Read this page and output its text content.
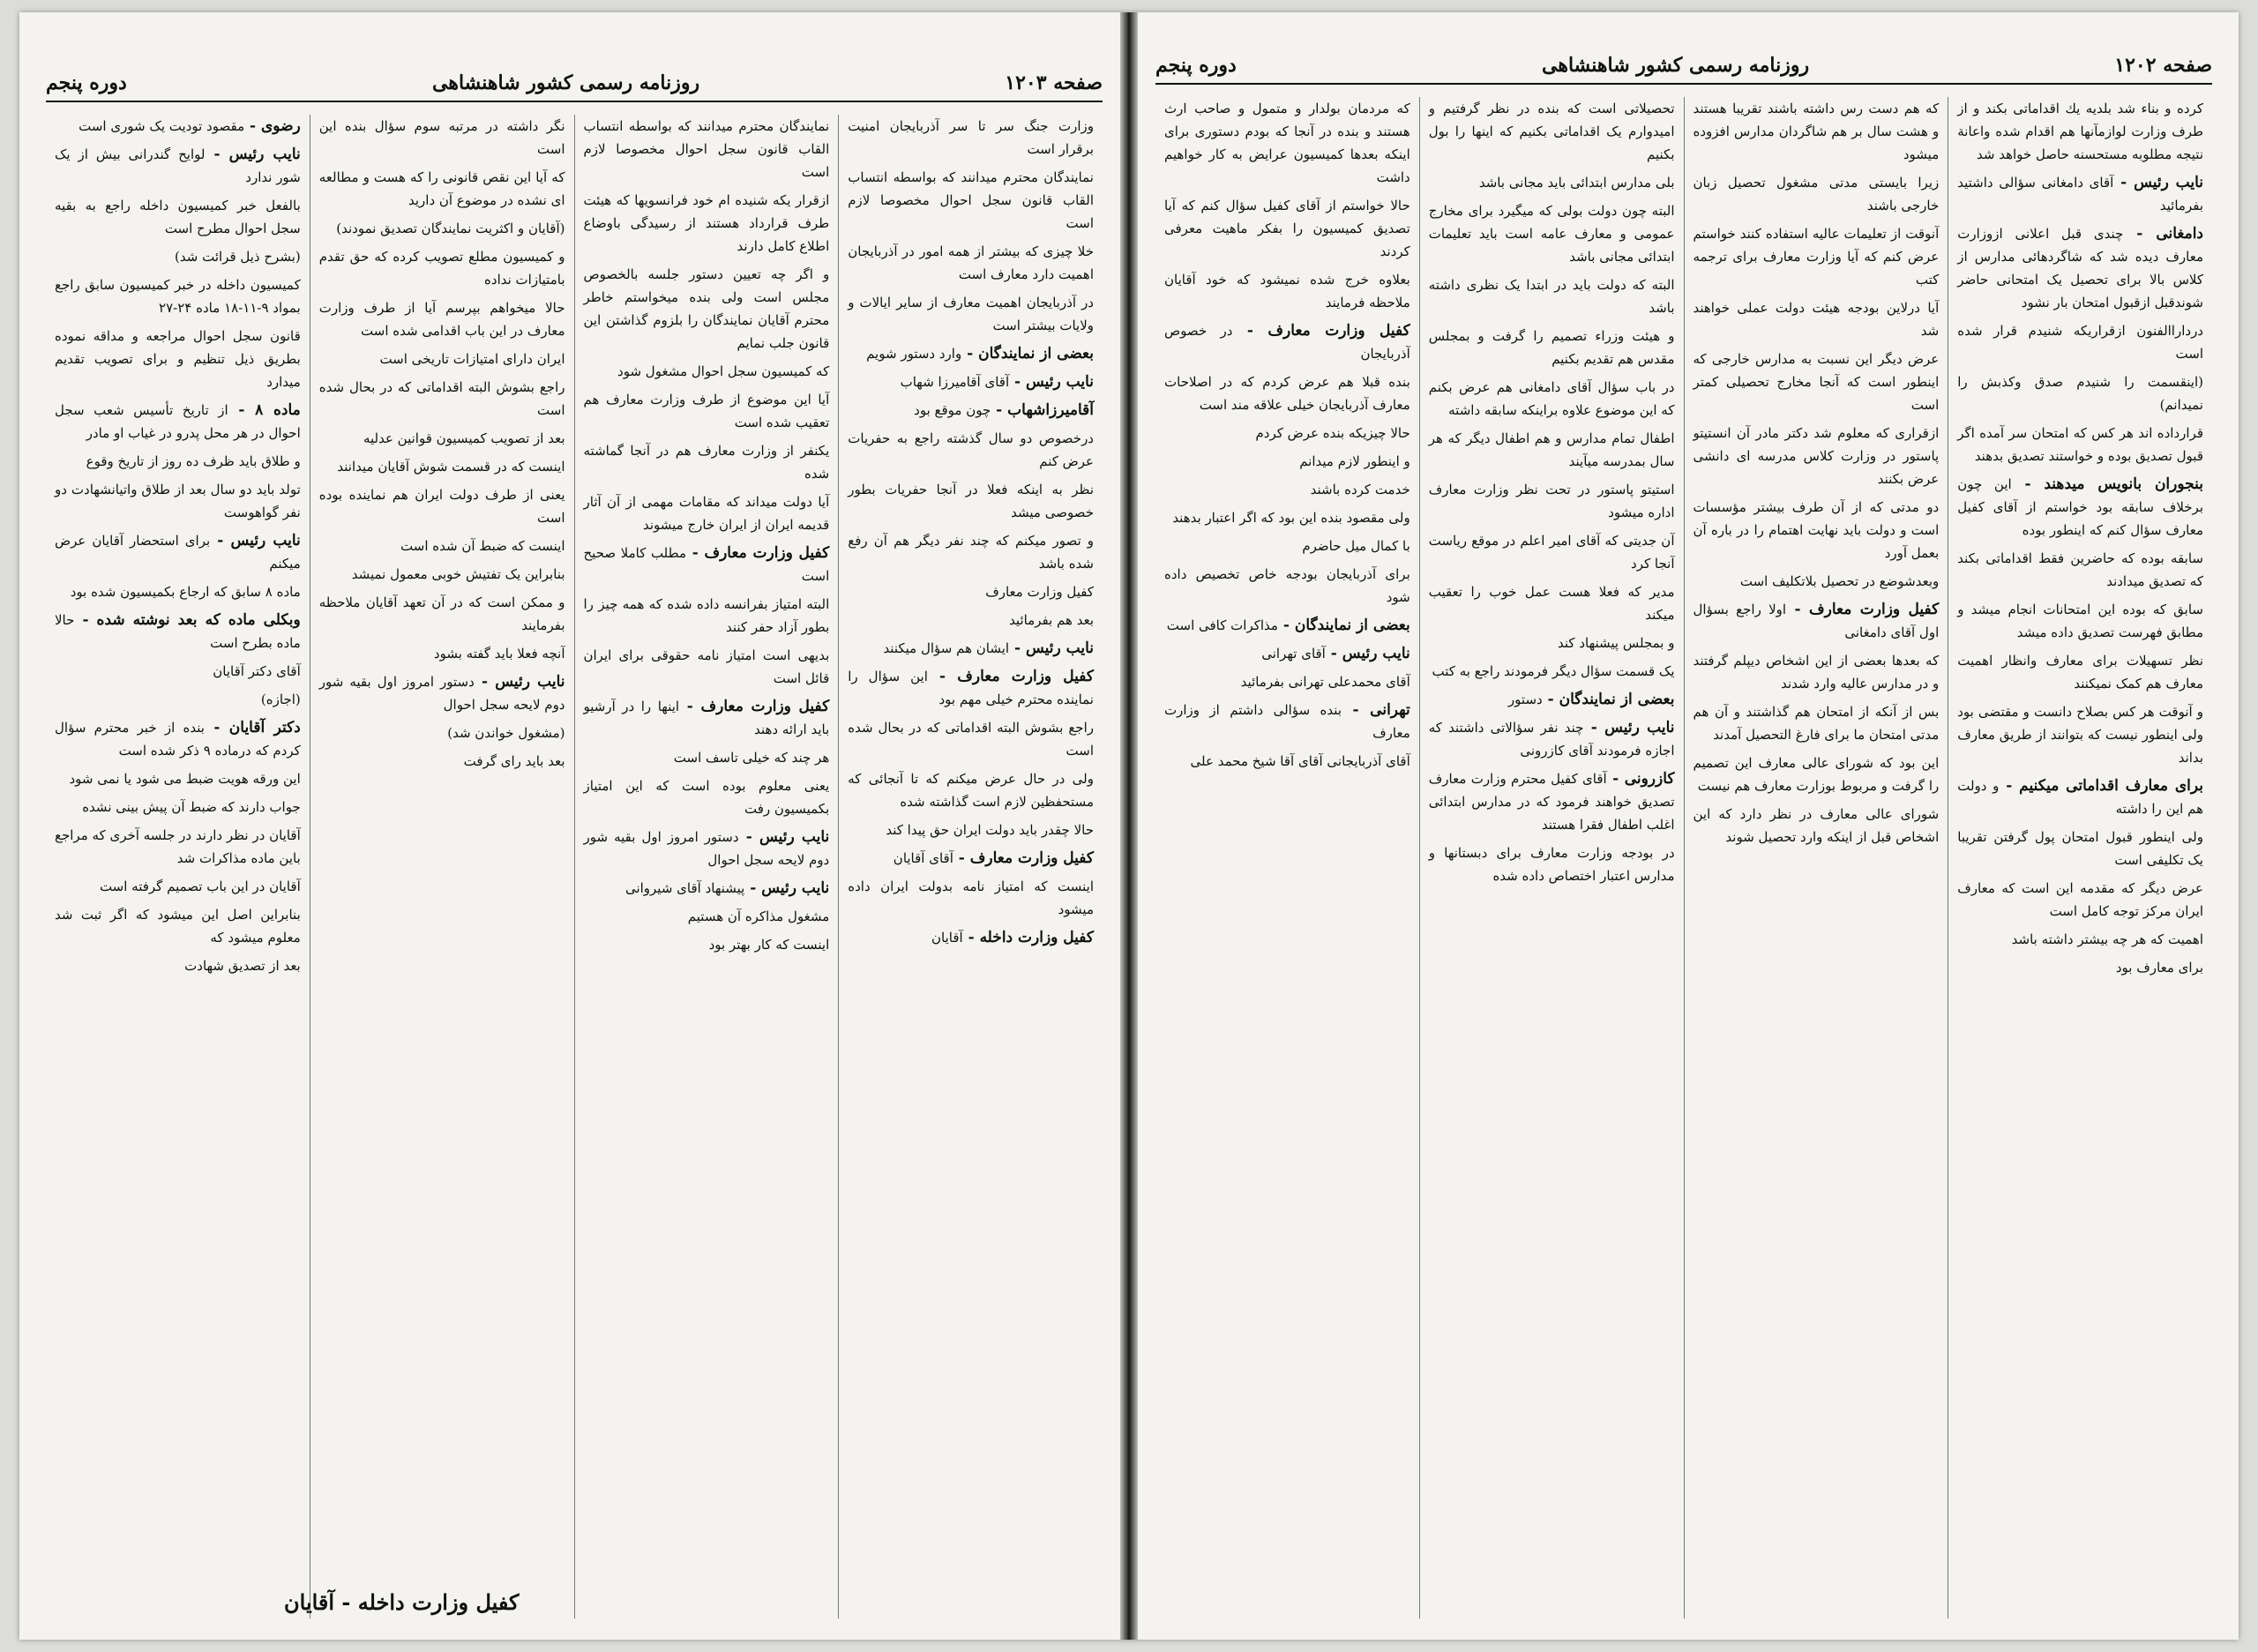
صفحه ۱۲۰۳
روزنامه رسمی کشور شاهنشاهی
دوره پنجم

وزارت جنگ سر تا سر آذربایجان امنیت برقرار است

نمایندگان محترم میدانند که بواسطه انتساب القاب قانون سجل احوال مخصوصا لازم است

خلا چیزی که بیشتر از همه امور در آذربایجان اهمیت دارد معارف است

در آذربایجان اهمیت معارف از سایر ایالات و ولایات بیشتر است

بعضی از نمایندگان - وارد دستور شویم

نایب رئیس - آقای آقامیرزا شهاب

آقامیرزاشهاب - چون موقع بود

درخصوص دو سال گذشته راجع به حفریات عرض کنم

نظر به اینکه فعلا در آنجا حفریات بطور خصوصی میشد

و تصور میکنم که چند نفر دیگر هم آن رفع شده باشد

کفیل وزارت معارف

بعد هم بفرمائید

نایب رئیس - ایشان هم سؤال میکنند

کفیل وزارت معارف - این سؤال را نماینده محترم خیلی مهم بود

راجع بشوش البته اقداماتی که در بحال شده است

ولی در حال عرض میکنم که تا آنجائی که مستحفظین لازم است گذاشته شده

حالا چقدر باید دولت ایران حق پیدا کند

کفیل وزارت معارف - آقای آقایان

اینست که امتیاز نامه بدولت ایران داده میشود

کفیل وزارت داخله - آقایان

نمایندگان محترم میدانند که بواسطه انتساب القاب قانون سجل احوال مخصوصا لازم است

ازقرار یکه شنیده ام خود فرانسویها که هیئت طرف قرارداد هستند از رسیدگی باوضاع اطلاع کامل دارند

و اگر چه تعیین دستور جلسه بالخصوص مجلس است ولی بنده میخواستم خاطر محترم آقایان نمایندگان را بلزوم گذاشتن این قانون جلب نمایم

که کمیسیون سجل احوال مشغول شود

آیا این موضوع از طرف وزارت معارف هم تعقیب شده است

یکنفر از وزارت معارف هم در آنجا گماشته شده

آیا دولت میداند که مقامات مهمی از آن آثار قدیمه ایران از ایران خارج میشوند

کفیل وزارت معارف - مطلب کاملا صحیح است

البته امتیاز بفرانسه داده شده که همه چیز را بطور آزاد حفر کنند

بدیهی است امتیاز نامه حقوقی برای ایران قائل است

کفیل وزارت معارف - اینها را در آرشیو باید ارائه دهند

هر چند که خیلی تاسف است

یعنی معلوم بوده است که این امتیاز بکمیسیون رفت

نایب رئیس - دستور امروز اول بقیه شور دوم لایحه سجل احوال

نایب رئیس - پیشنهاد آقای شیروانی

مشغول مذاکره آن هستیم

اینست که کار بهتر بود

نگر داشته در مرتبه سوم سؤال بنده این است

که آیا این نقص قانونی را که هست و مطالعه ای نشده در موضوع آن دارید

(آقایان و اکثریت نمایندگان تصدیق نمودند)

و کمیسیون مطلع تصویب کرده که حق تقدم بامتیازات نداده

حالا میخواهم بپرسم آیا از طرف وزارت معارف در این باب اقدامی شده است

ایران دارای امتیازات تاریخی است

راجع بشوش البته اقداماتی که در بحال شده است

بعد از تصویب کمیسیون قوانین عدلیه

اینست که در قسمت شوش آقایان میدانند

یعنی از طرف دولت ایران هم نماینده بوده است

اینست که ضبط آن شده است

بنابراین یک تفتیش خوبی معمول نمیشد

و ممکن است که در آن تعهد آقایان ملاحظه بفرمایند

آنچه فعلا باید گفته بشود

نایب رئیس - دستور امروز اول بقیه شور دوم لایحه سجل احوال

(مشغول خواندن شد)

بعد باید رای گرفت

رضوی - مقصود تودیت یک شوری است

نایب رئیس - لوایح گندرانی بیش از یک شور ندارد

بالفعل خبر کمیسیون داخله راجع به بقیه سجل احوال مطرح است

(بشرح ذیل قرائت شد)

کمیسیون داخله در خبر کمیسیون سابق راجع بمواد ۹-۱۱-۱۸ ماده ۲۴-۲۷

قانون سجل احوال مراجعه و مداقه نموده بطریق ذیل تنظیم و برای تصویب تقدیم میدارد

ماده ۸ - از تاریخ تأسیس شعب سجل احوال در هر محل پدرو در غیاب او مادر

و طلاق باید ظرف ده روز از تاریخ وقوع

تولد باید دو سال بعد از طلاق واتیانشهادت دو نفر گواهوست

نایب رئیس - برای استحضار آقایان عرض میکنم

ماده ۸ سابق که ارجاع بکمیسیون شده بود

وبکلی ماده که بعد نوشته شده - حالا ماده بطرح است

آقای دکتر آقایان

(اجازه)

دکتر آقایان - بنده از خبر محترم سؤال کردم که درماده ۹ ذکر شده است

این ورقه هویت ضبط می شود یا نمی شود

جواب دارند که ضبط آن پیش بینی نشده

آقایان در نظر دارند در جلسه آخری که مراجع باین ماده مذاکرات شد

آقایان در این باب تصمیم گرفته است

بنابراین اصل این میشود که اگر ثبت شد معلوم میشود که

بعد از تصدیق شهادت

کفیل وزارت داخله - آقایان
صفحه ۱۲۰۲
روزنامه رسمی کشور شاهنشاهی
دوره پنجم

کرده و بناء شد بلدیه یك اقداماتی بکند و از طرف وزارت لوازمآنها هم اقدام شده واعانة نتیجه مطلوبه مستحسنه حاصل خواهد شد

نایب رئیس - آقای دامغانی سؤالی داشتید بفرمائید

دامغانی - چندی قبل اعلانی ازوزارت معارف دیده شد که شاگردهائی مدارس از کلاس بالا برای تحصیل یک امتحانی حاضر شوندقبل ازقبول امتحان بار نشود

درداراالفنون ازقراریکه شنیدم قرار شده است

(اینقسمت را شنیدم صدق وکذبش را نمیدانم)

قرارداده اند هر کس که امتحان سر آمده اگر قبول تصدیق بوده و خواستند تصدیق بدهند

بنجوران بانویس میدهند - این چون برخلاف سابقه بود خواستم از آقای کفیل معارف سؤال کنم که اینطور بوده

سابقه بوده که حاضرین فقط اقداماتی بکند که تصدیق میدادند

سابق که بوده این امتحانات انجام میشد و مطابق فهرست تصدیق داده میشد

نظر تسهیلات برای معارف وانظار اهمیت معارف هم کمک نمیکنند

و آنوقت هر کس بصلاح دانست و مقتضی بود ولی اینطور نیست که بتوانند از طریق معارف بداند

برای معارف اقداماتی میکنیم - و دولت هم این را داشته

ولی اینطور قبول امتحان پول گرفتن تقریبا یک تکلیفی است

عرض دیگر که مقدمه این است که معارف ایران مرکز توجه کامل است

اهمیت که هر چه بیشتر داشته باشد

برای معارف بود

که هم دست رس داشته باشند تقریبا هستند و هشت سال بر هم شاگردان مدارس افزوده میشود

زیرا بایستی مدتی مشغول تحصیل زبان خارجی باشند

آنوقت از تعلیمات عالیه استفاده کنند خواستم عرض کنم که آیا وزارت معارف برای ترجمه کتب

آیا درلاین بودجه هیئت دولت عملی خواهند شد

عرض دیگر این نسبت به مدارس خارجی که اینطور است که آنجا مخارج تحصیلی کمتر است

ازقراری که معلوم شد دکتر مادر آن انستیتو پاستور در وزارت کلاس مدرسه ای دانشی عرض بکنند

دو مدتی که از آن طرف بیشتر مؤسسات است و دولت باید نهایت اهتمام را در باره آن بعمل آورد

وبعدشوضع در تحصیل بلاتکلیف است

کفیل وزارت معارف - اولا راجع بسؤال اول آقای دامغانی

که بعدها بعضی از این اشخاص دیپلم گرفتند و در مدارس عالیه وارد شدند

بس از آنکه از امتحان هم گذاشتند و آن هم مدتی امتحان ما برای فارغ التحصیل آمدند

این بود که شورای عالی معارف این تصمیم را گرفت و مربوط بوزارت معارف هم نیست

شورای عالی معارف در نظر دارد که این اشخاص قبل از اینکه وارد تحصیل شوند

تحصیلاتی است که بنده در نظر گرفتیم و امیدوارم یک اقداماتی بکنیم که اینها را بول بکنیم

بلی مدارس ابتدائی باید مجانی باشد

البته چون دولت بولی که میگیرد برای مخارج عمومی و معارف عامه است باید تعلیمات ابتدائی مجانی باشد

البته که دولت باید در ابتدا یک نظری داشته باشد

و هیئت وزراء تصمیم را گرفت و بمجلس مقدس هم تقدیم بکنیم

در باب سؤال آقای دامغانی هم عرض بکنم که این موضوع علاوه براینکه سابقه داشته

اطفال تمام مدارس و هم اطفال دیگر که هر سال بمدرسه میآیند

استیتو پاستور در تحت نظر وزارت معارف اداره میشود

آن جدیتی که آقای امیر اعلم در موقع ریاست آنجا کرد

مدیر که فعلا هست عمل خوب را تعقیب میکند

و بمجلس پیشنهاد کند

یک قسمت سؤال دیگر فرمودند راجع به کتب

بعضی از نمایندگان - دستور

نایب رئیس - چند نفر سؤالاتی داشتند که اجازه فرمودند آقای کازرونی

کازرونی - آقای کفیل محترم وزارت معارف تصدیق خواهند فرمود که در مدارس ابتدائی اغلب اطفال فقرا هستند

در بودجه وزارت معارف برای دبستانها و مدارس اعتبار اختصاص داده شده

که مردمان بولدار و متمول و صاحب ارث هستند و بنده در آنجا که بودم دستوری برای اینکه بعدها کمیسیون عرایض به کار خواهیم داشت

حالا خواستم از آقای کفیل سؤال کنم که آیا تصدیق کمیسیون را بفکر ماهیت معرفی کردند

بعلاوه خرج شده نمیشود که خود آقایان ملاحظه فرمایند

کفیل وزارت معارف - در خصوص آذربایجان

بنده قبلا هم عرض کردم که در اصلاحات معارف آذربایجان خیلی علاقه مند است

حالا چیزیکه بنده عرض کردم

و اینطور لازم میدانم

خدمت کرده باشند

ولی مقصود بنده این بود که اگر اعتبار بدهند

با کمال میل حاضرم

برای آذربایجان بودجه خاص تخصیص داده شود

بعضی از نمایندگان - مذاکرات کافی است

نایب رئیس - آقای تهرانی

آقای محمدعلی تهرانی بفرمائید

تهرانی - بنده سؤالی داشتم از وزارت معارف

آقای آذربایجانی آقای آقا شیخ محمد علی
